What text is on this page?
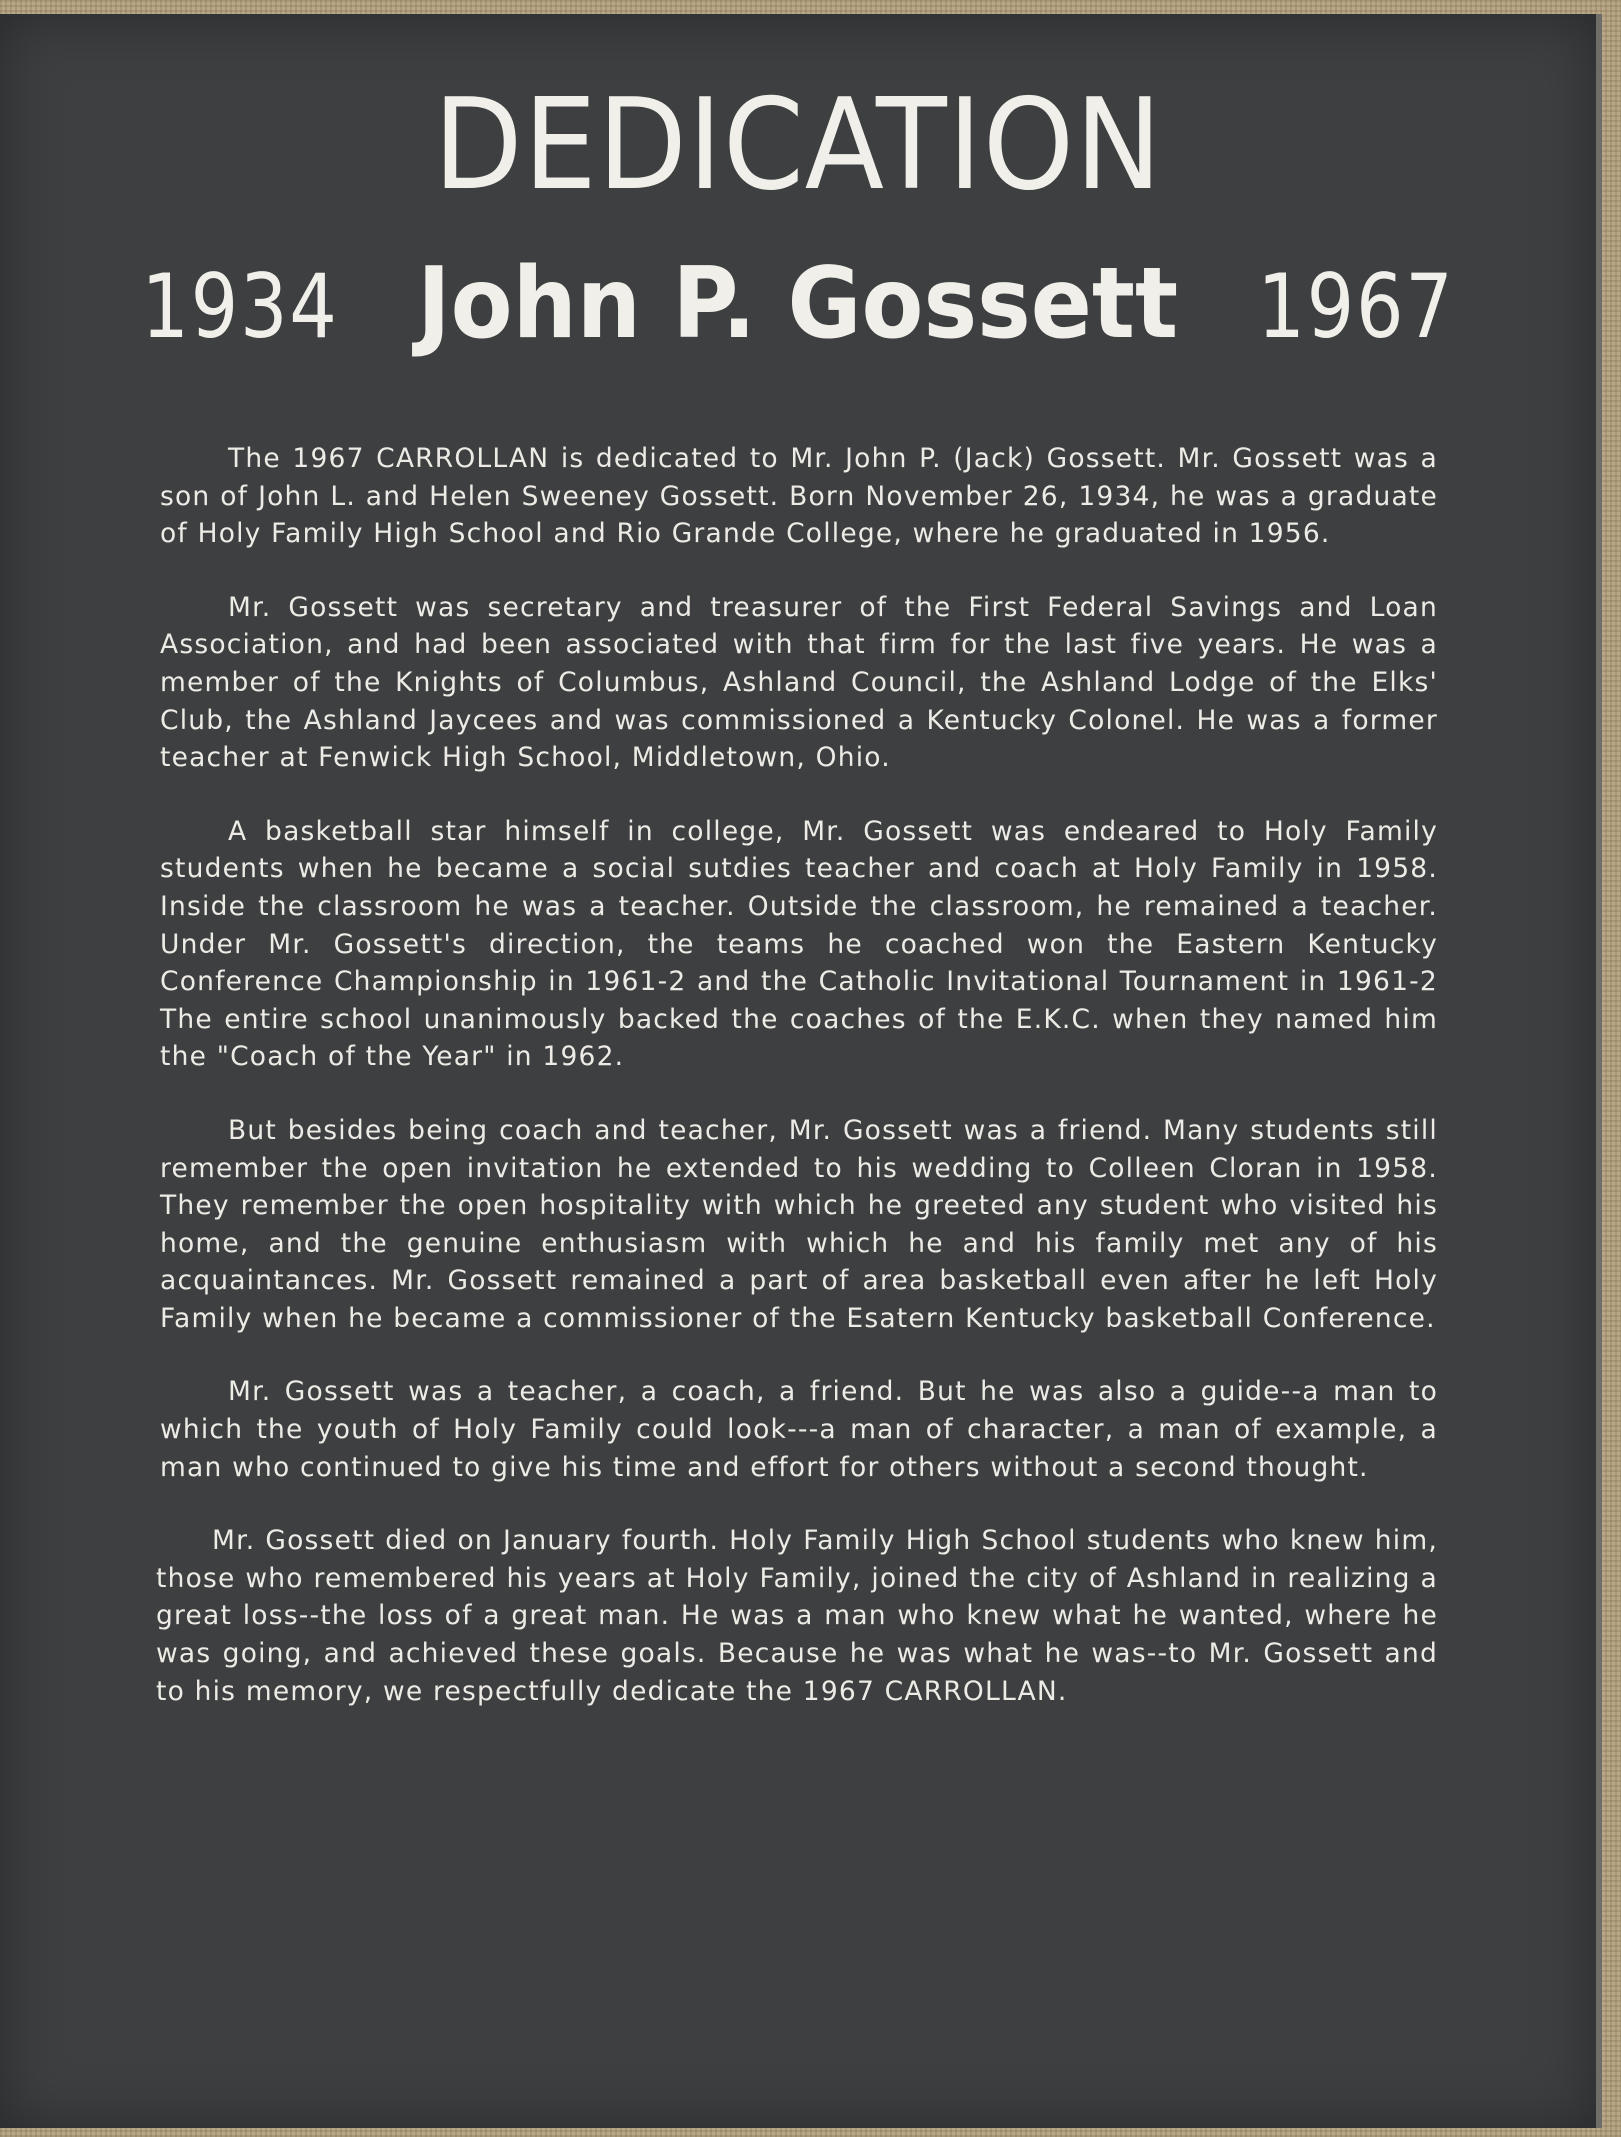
DEDICATION
1934 John P. Gossett 1967

The 1967 CARROLLAN is dedicated to Mr. John P. (Jack) Gossett. Mr. Gossett was a son of John L. and Helen Sweeney Gossett. Born November 26, 1934, he was a graduate of Holy Family High School and Rio Grande College, where he graduated in 1956.

Mr. Gossett was secretary and treasurer of the First Federal Savings and Loan Association, and had been associated with that firm for the last five years. He was a member of the Knights of Columbus, Ashland Council, the Ashland Lodge of the Elks' Club, the Ashland Jaycees and was commissioned a Kentucky Colonel. He was a former teacher at Fenwick High School, Middletown, Ohio.

A basketball star himself in college, Mr. Gossett was endeared to Holy Family students when he became a social sutdies teacher and coach at Holy Family in 1958. Inside the classroom he was a teacher. Outside the classroom, he remained a teacher. Under Mr. Gossett's direction, the teams he coached won the Eastern Kentucky Conference Championship in 1961-2 and the Catholic Invitational Tournament in 1961-2 The entire school unanimously backed the coaches of the E.K.C. when they named him the "Coach of the Year" in 1962.

But besides being coach and teacher, Mr. Gossett was a friend. Many students still remember the open invitation he extended to his wedding to Colleen Cloran in 1958. They remember the open hospitality with which he greeted any student who visited his home, and the genuine enthusiasm with which he and his family met any of his acquaintances. Mr. Gossett remained a part of area basketball even after he left Holy Family when he became a commissioner of the Esatern Kentucky basketball Conference.

Mr. Gossett was a teacher, a coach, a friend. But he was also a guide--a man to which the youth of Holy Family could look---a man of character, a man of example, a man who continued to give his time and effort for others without a second thought.

Mr. Gossett died on January fourth. Holy Family High School students who knew him, those who remembered his years at Holy Family, joined the city of Ashland in realizing a great loss--the loss of a great man. He was a man who knew what he wanted, where he was going, and achieved these goals. Because he was what he was--to Mr. Gossett and to his memory, we respectfully dedicate the 1967 CARROLLAN.
